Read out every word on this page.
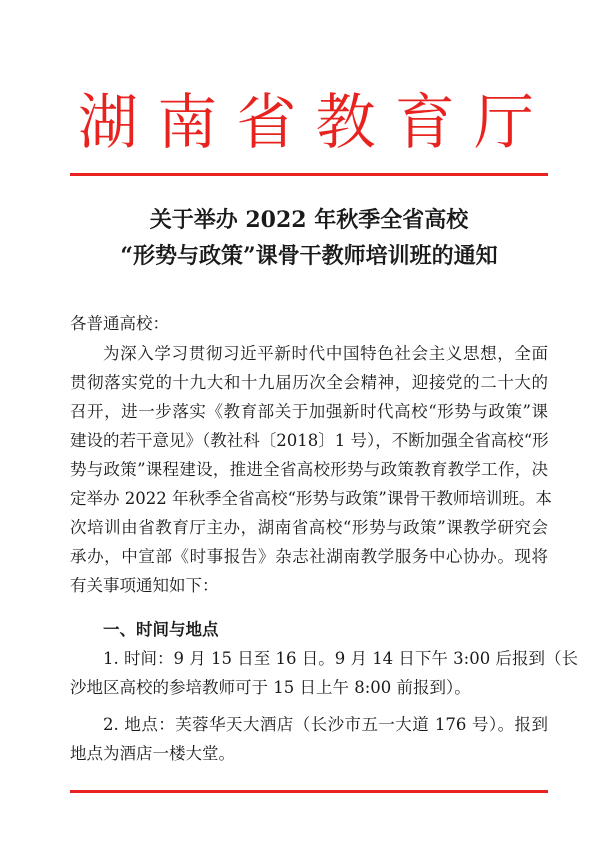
湖南省教育厅
关于举办 2022 年秋季全省高校
“形势与政策”课骨干教师培训班的通知
各普通高校：
为深入学习贯彻习近平新时代中国特色社会主义思想，全面
贯彻落实党的十九大和十九届历次全会精神，迎接党的二十大的
召开，进一步落实《教育部关于加强新时代高校“形势与政策”课
建设的若干意见》（教社科〔2018〕1 号），不断加强全省高校“形
势与政策”课程建设，推进全省高校形势与政策教育教学工作，决
定举办 2022 年秋季全省高校“形势与政策”课骨干教师培训班。本
次培训由省教育厅主办，湖南省高校“形势与政策”课教学研究会
承办，中宣部《时事报告》杂志社湖南教学服务中心协办。现将
有关事项通知如下：
一、时间与地点
1. 时间：9 月 15 日至 16 日。9 月 14 日下午 3:00 后报到（长
沙地区高校的参培教师可于 15 日上午 8:00 前报到）。
2. 地点：芙蓉华天大酒店（长沙市五一大道 176 号）。报到
地点为酒店一楼大堂。
